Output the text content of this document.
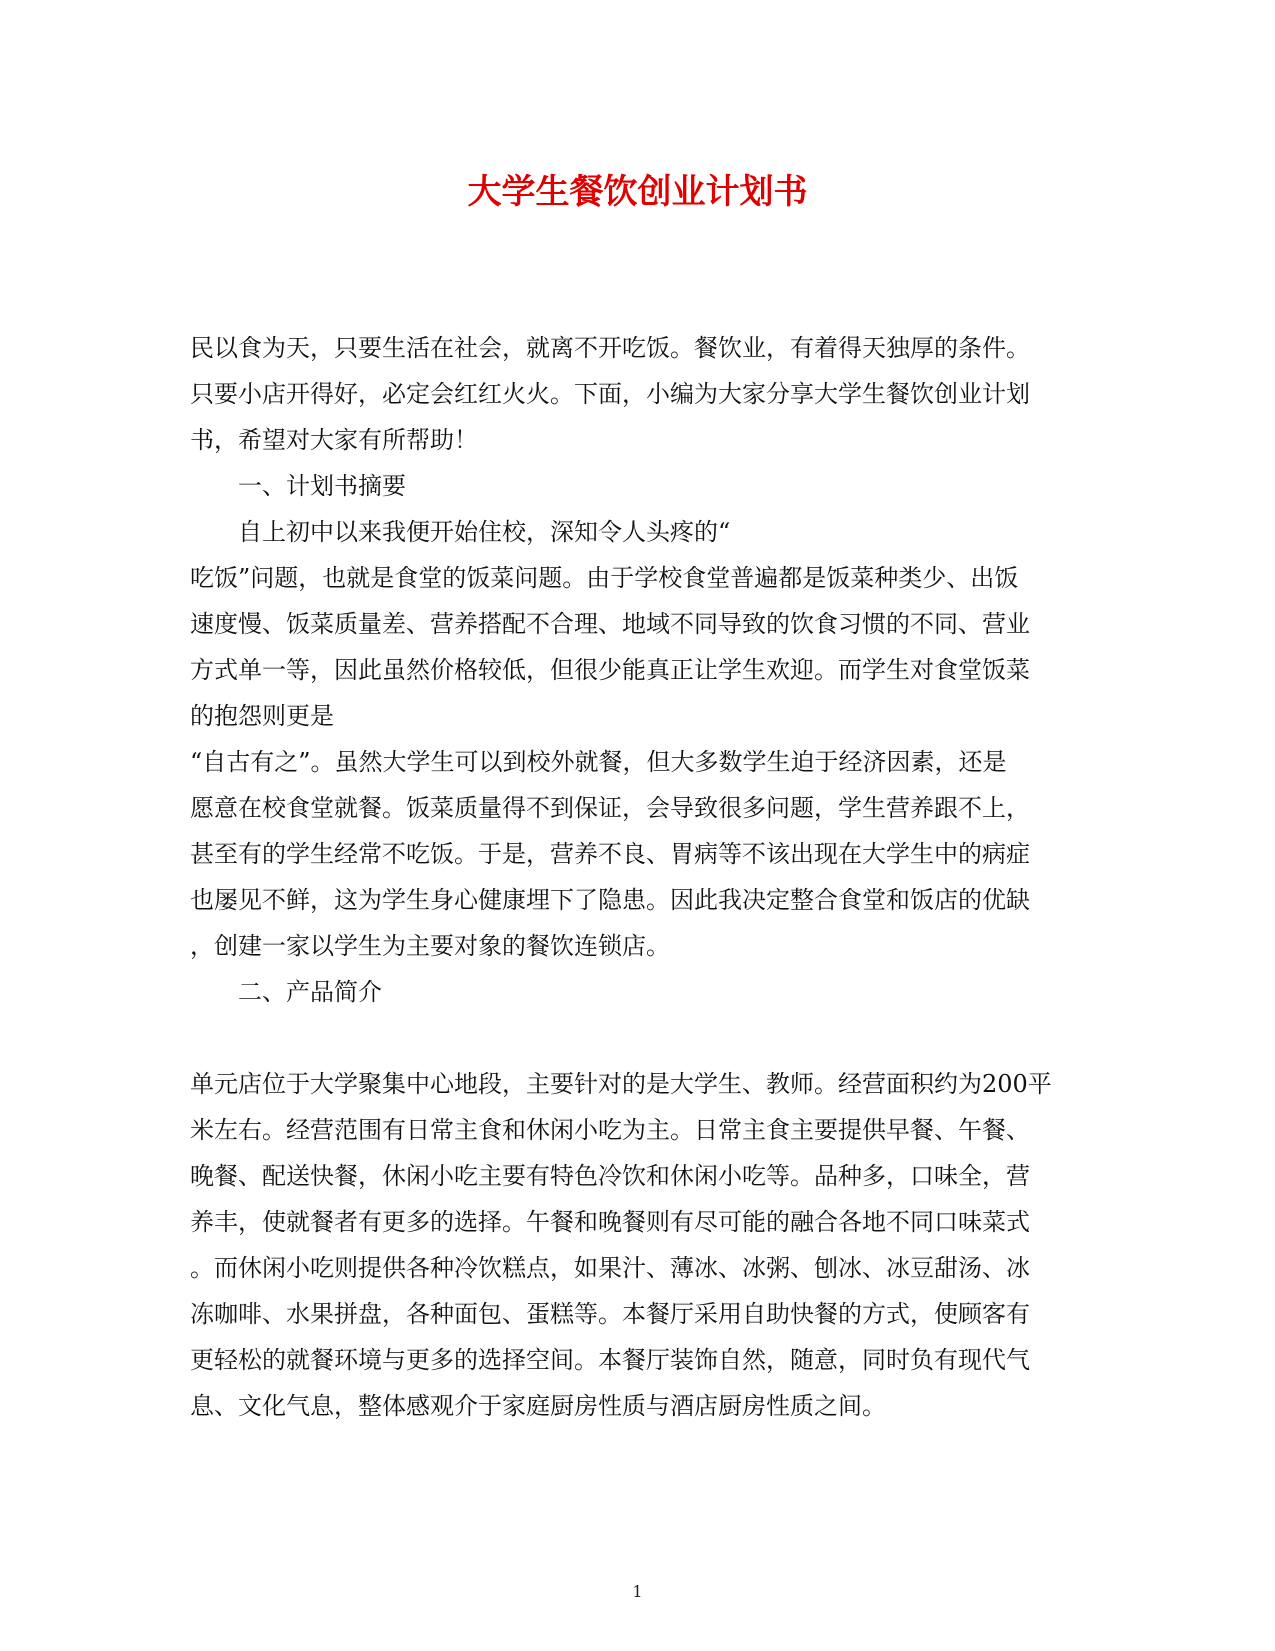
大学生餐饮创业计划书
民以食为天，只要生活在社会，就离不开吃饭。餐饮业，有着得天独厚的条件。
只要小店开得好，必定会红红火火。下面，小编为大家分享大学生餐饮创业计划
书，希望对大家有所帮助！
一、计划书摘要
自上初中以来我便开始住校，深知令人头疼的“
吃饭”问题，也就是食堂的饭菜问题。由于学校食堂普遍都是饭菜种类少、出饭
速度慢、饭菜质量差、营养搭配不合理、地域不同导致的饮食习惯的不同、营业
方式单一等，因此虽然价格较低，但很少能真正让学生欢迎。而学生对食堂饭菜
的抱怨则更是
“自古有之”。虽然大学生可以到校外就餐，但大多数学生迫于经济因素，还是
愿意在校食堂就餐。饭菜质量得不到保证，会导致很多问题，学生营养跟不上，
甚至有的学生经常不吃饭。于是，营养不良、胃病等不该出现在大学生中的病症
也屡见不鲜，这为学生身心健康埋下了隐患。因此我决定整合食堂和饭店的优缺
，创建一家以学生为主要对象的餐饮连锁店。
二、产品简介
单元店位于大学聚集中心地段，主要针对的是大学生、教师。经营面积约为200平
米左右。经营范围有日常主食和休闲小吃为主。日常主食主要提供早餐、午餐、
晚餐、配送快餐，休闲小吃主要有特色冷饮和休闲小吃等。品种多，口味全，营
养丰，使就餐者有更多的选择。午餐和晚餐则有尽可能的融合各地不同口味菜式
。而休闲小吃则提供各种冷饮糕点，如果汁、薄冰、冰粥、刨冰、冰豆甜汤、冰
冻咖啡、水果拼盘，各种面包、蛋糕等。本餐厅采用自助快餐的方式，使顾客有
更轻松的就餐环境与更多的选择空间。本餐厅装饰自然，随意，同时负有现代气
息、文化气息，整体感观介于家庭厨房性质与酒店厨房性质之间。
1
